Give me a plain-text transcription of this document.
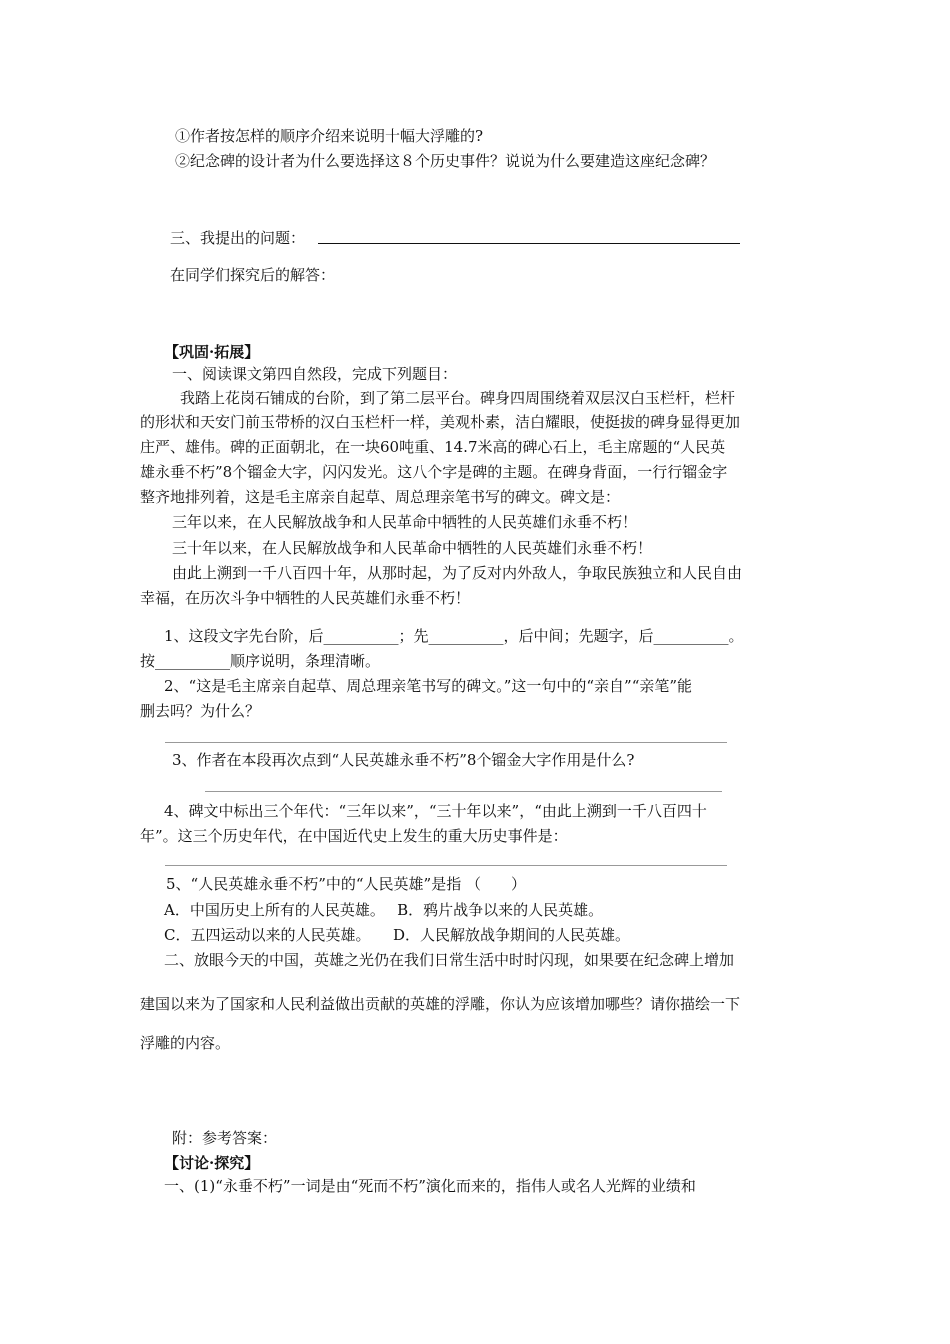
①作者按怎样的顺序介绍来说明十幅大浮雕的?
②纪念碑的设计者为什么要选择这８个历史事件？说说为什么要建造这座纪念碑？
三、我提出的问题：
在同学们探究后的解答：
【巩固·拓展】
一、阅读课文第四自然段，完成下列题目：
我踏上花岗石铺成的台阶，到了第二层平台。碑身四周围绕着双层汉白玉栏杆，栏杆
的形状和天安门前玉带桥的汉白玉栏杆一样，美观朴素，洁白耀眼，使挺拔的碑身显得更加
庄严、雄伟。碑的正面朝北，在一块60吨重、14.7米高的碑心石上，毛主席题的“人民英
雄永垂不朽”8个镏金大字，闪闪发光。这八个字是碑的主题。在碑身背面，一行行镏金字
整齐地排列着，这是毛主席亲自起草、周总理亲笔书写的碑文。碑文是：
三年以来，在人民解放战争和人民革命中牺牲的人民英雄们永垂不朽！
三十年以来，在人民解放战争和人民革命中牺牲的人民英雄们永垂不朽！
由此上溯到一千八百四十年，从那时起，为了反对内外敌人，争取民族独立和人民自由
幸福，在历次斗争中牺牲的人民英雄们永垂不朽！
1、这段文字先台阶，后__________；先__________，后中间；先题字，后__________。
按__________顺序说明，条理清晰。
2、“这是毛主席亲自起草、周总理亲笔书写的碑文。”这一句中的“亲自”“亲笔”能
删去吗？为什么？
3、作者在本段再次点到“人民英雄永垂不朽”8个镏金大字作用是什么?
4、碑文中标出三个年代：“三年以来”，“三十年以来”，“由此上溯到一千八百四十
年”。这三个历史年代，在中国近代史上发生的重大历史事件是：
5、“人民英雄永垂不朽”中的“人民英雄”是指 （　　）
A．中国历史上所有的人民英雄。　 B．鸦片战争以来的人民英雄。
C．五四运动以来的人民英雄。　　D．人民解放战争期间的人民英雄。
二、放眼今天的中国，英雄之光仍在我们日常生活中时时闪现，如果要在纪念碑上增加
建国以来为了国家和人民利益做出贡献的英雄的浮雕，你认为应该增加哪些？请你描绘一下
浮雕的内容。
附：参考答案：
【讨论·探究】
一、(1)“永垂不朽”一词是由“死而不朽”演化而来的，指伟人或名人光辉的业绩和
